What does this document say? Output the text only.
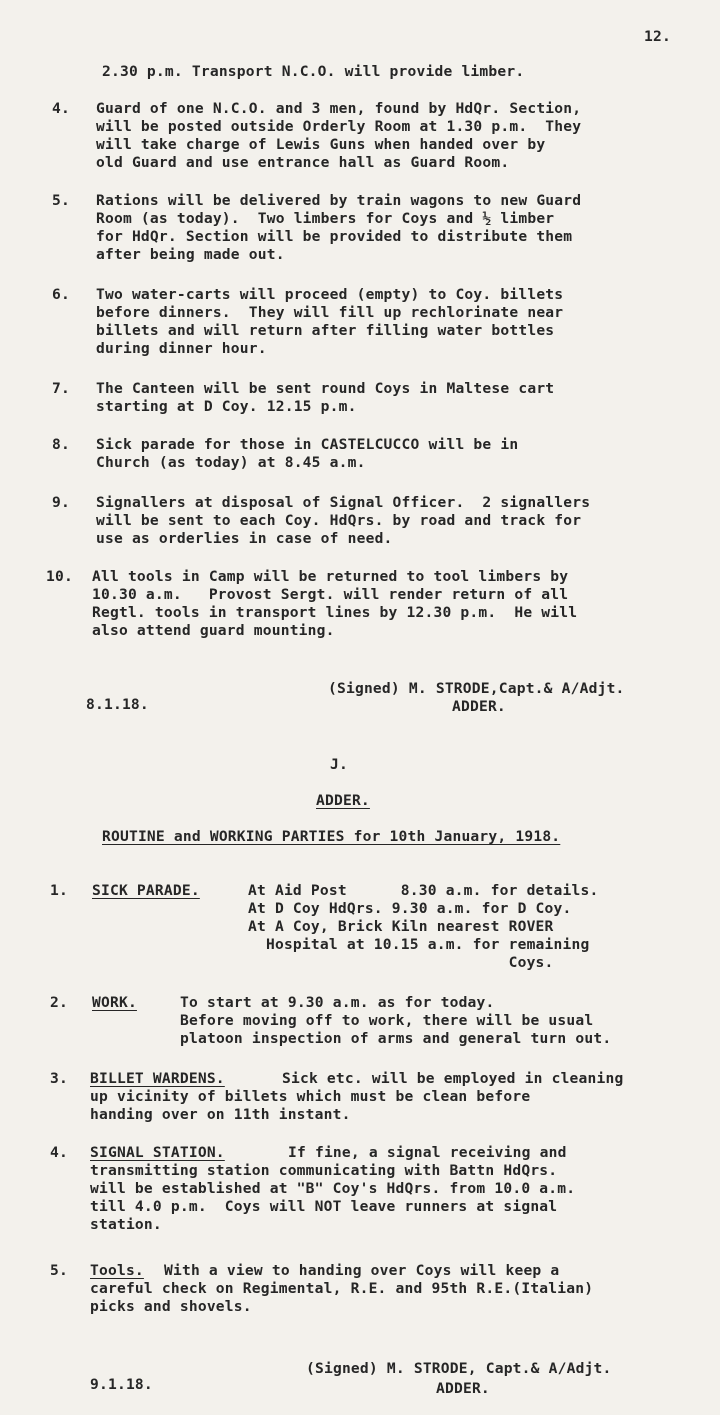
12.
2.30 p.m. Transport N.C.O. will provide limber.
4. Guard of one N.C.O. and 3 men, found by HdQr. Section,
will be posted outside Orderly Room at 1.30 p.m.  They
will take charge of Lewis Guns when handed over by
old Guard and use entrance hall as Guard Room.
5. Rations will be delivered by train wagons to new Guard
Room (as today).  Two limbers for Coys and ½ limber
for HdQr. Section will be provided to distribute them
after being made out.
6. Two water-carts will proceed (empty) to Coy. billets
before dinners.  They will fill up rechlorinate near
billets and will return after filling water bottles
during dinner hour.
7. The Canteen will be sent round Coys in Maltese cart
starting at D Coy. 12.15 p.m.
8. Sick parade for those in CASTELCUCCO will be in
Church (as today) at 8.45 a.m.
9. Signallers at disposal of Signal Officer.  2 signallers
will be sent to each Coy. HdQrs. by road and track for
use as orderlies in case of need.
10. All tools in Camp will be returned to tool limbers by
10.30 a.m.   Provost Sergt. will render return of all
Regtl. tools in transport lines by 12.30 p.m.  He will
also attend guard mounting.
(Signed) M. STRODE,Capt.& A/Adjt.
ADDER.
8.1.18.
J.
ADDER.
ROUTINE and WORKING PARTIES for 10th January, 1918.
1. SICK PARADE.	At Aid Post      8.30 a.m. for details.
At D Coy HdQrs. 9.30 a.m. for D Coy.
At A Coy, Brick Kiln nearest ROVER
Hospital at 10.15 a.m. for remaining
Coys.
2. WORK.	To start at 9.30 a.m. as for today.
Before moving off to work, there will be usual
platoon inspection of arms and general turn out.
3. BILLET WARDENS.	Sick etc. will be employed in cleaning
up vicinity of billets which must be clean before
handing over on 11th instant.
4. SIGNAL STATION.	If fine, a signal receiving and
transmitting station communicating with Battn HdQrs.
will be established at "B" Coy's HdQrs. from 10.0 a.m.
till 4.0 p.m.  Coys will NOT leave runners at signal
station.
5. Tools. With a view to handing over Coys will keep a
careful check on Regimental, R.E. and 95th R.E.(Italian)
picks and shovels.
(Signed) M. STRODE, Capt.& A/Adjt.
ADDER.
9.1.18.
